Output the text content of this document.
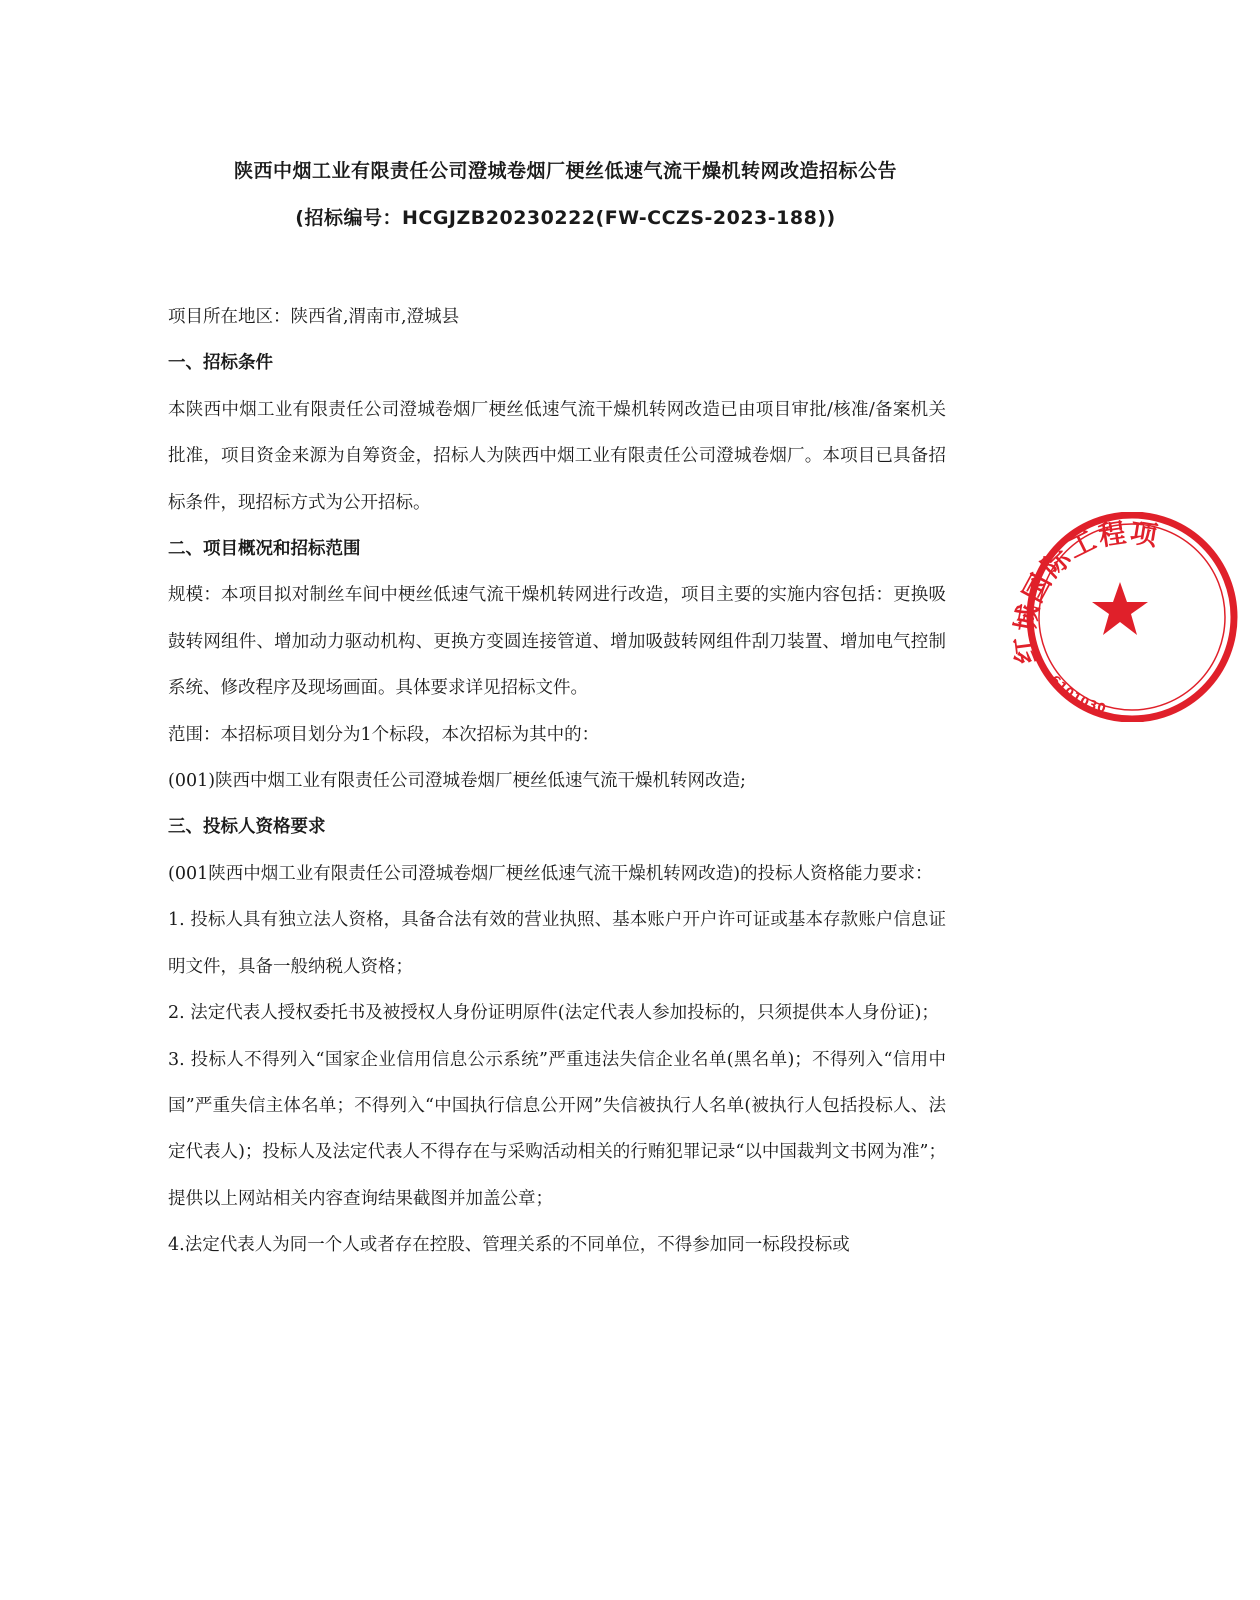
陕西中烟工业有限责任公司澄城卷烟厂梗丝低速气流干燥机转网改造招标公告
(招标编号：HCGJZB20230222(FW-CCZS-2023-188))

项目所在地区：陕西省,渭南市,澄城县

一、招标条件

本陕西中烟工业有限责任公司澄城卷烟厂梗丝低速气流干燥机转网改造已由项目审批/核准/备案机关批准，项目资金来源为自筹资金，招标人为陕西中烟工业有限责任公司澄城卷烟厂。本项目已具备招标条件，现招标方式为公开招标。

二、项目概况和招标范围

规模：本项目拟对制丝车间中梗丝低速气流干燥机转网进行改造，项目主要的实施内容包括：更换吸鼓转网组件、增加动力驱动机构、更换方变圆连接管道、增加吸鼓转网组件刮刀装置、增加电气控制系统、修改程序及现场画面。具体要求详见招标文件。

范围：本招标项目划分为1个标段，本次招标为其中的：

(001)陕西中烟工业有限责任公司澄城卷烟厂梗丝低速气流干燥机转网改造;

三、投标人资格要求

(001陕西中烟工业有限责任公司澄城卷烟厂梗丝低速气流干燥机转网改造)的投标人资格能力要求：

1. 投标人具有独立法人资格，具备合法有效的营业执照、基本账户开户许可证或基本存款账户信息证明文件，具备一般纳税人资格；

2. 法定代表人授权委托书及被授权人身份证明原件(法定代表人参加投标的，只须提供本人身份证)；

3. 投标人不得列入“国家企业信用信息公示系统”严重违法失信企业名单(黑名单)；不得列入“信用中国”严重失信主体名单；不得列入“中国执行信息公开网”失信被执行人名单(被执行人包括投标人、法定代表人)；投标人及法定代表人不得存在与采购活动相关的行贿犯罪记录“以中国裁判文书网为准”；提供以上网站相关内容查询结果截图并加盖公章；

4.法定代表人为同一个人或者存在控股、管理关系的不同单位，不得参加同一标段投标或

红城国际工程项
6101030
